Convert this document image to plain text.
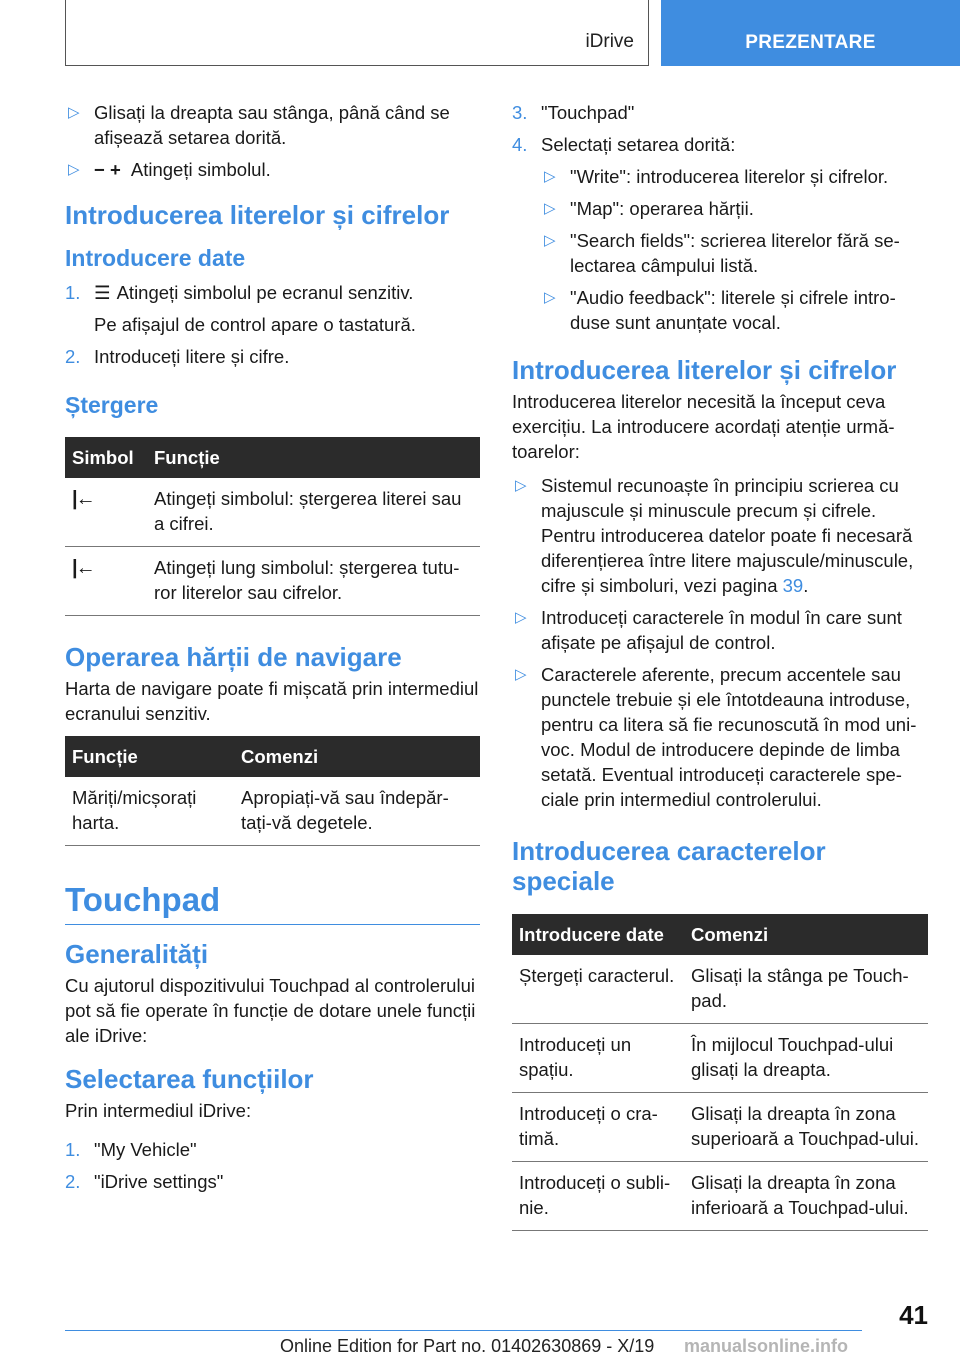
iDrive	PREZENTARE
▷ Glisați la dreapta sau stânga, până când se afișează setarea dorită.
▷ − + Atingeți simbolul.
Introducerea literelor și cifrelor
Introducere date
1. ☰ Atingeți simbolul pe ecranul senzitiv.

Pe afișajul de control apare o tastatură.

2. Introduceți litere și cifre.
Ștergere
Simbol	Funcție
|←	Atingeți simbolul: ștergerea literei sau a cifrei.
|←	Atingeți lung simbolul: ștergerea tuturor literelor sau cifrelor.
Operarea hărții de navigare

Harta de navigare poate fi mișcată prin intermediul ecranului senzitiv.

Funcție	Comenzi
Măriți/micșorați harta.	Apropiați-vă sau îndepărtați-vă degetele.
Touchpad
Generalități

Cu ajutorul dispozitivului Touchpad al controlerului pot să fie operate în funcție de dotare unele funcții ale iDrive:

Selectarea funcțiilor

Prin intermediul iDrive:

1. "My Vehicle"
2. "iDrive settings"
3. "Touchpad"
4. Selectați setarea dorită:
▷ "Write": introducerea literelor și cifrelor.
▷ "Map": operarea hărții.
▷ "Search fields": scrierea literelor fără selectarea câmpului listă.
▷ "Audio feedback": literele și cifrele introduse sunt anunțate vocal.
Introducerea literelor și cifrelor

Introducerea literelor necesită la început ceva exercițiu. La introducere acordați atenție următoarelor:

▷ Sistemul recunoaște în principiu scrierea cu majuscule și minuscule precum și cifrele. Pentru introducerea datelor poate fi necesară diferențierea între litere majuscule/minuscule, cifre și simboluri, vezi pagina 39.
▷ Introduceți caracterele în modul în care sunt afișate pe afișajul de control.
▷ Caracterele aferente, precum accentele sau punctele trebuie și ele întotdeauna introduse, pentru ca litera să fie recunoscută în mod univoc. Modul de introducere depinde de limba setată. Eventual introduceți caracterele speciale prin intermediul controlerului.
Introducerea caracterelor speciale
Introducere date	Comenzi
Ștergeți caracterul.	Glisați la stânga pe Touchpad.
Introduceți un spațiu.	În mijlocul Touchpad-ului glisați la dreapta.
Introduceți o cratimă.	Glisați la dreapta în zona superioară a Touchpad-ului.
Introduceți o sublinie.	Glisați la dreapta în zona inferioară a Touchpad-ului.
41
Online Edition for Part no. 01402630869 - X/19 manualsonline.info
